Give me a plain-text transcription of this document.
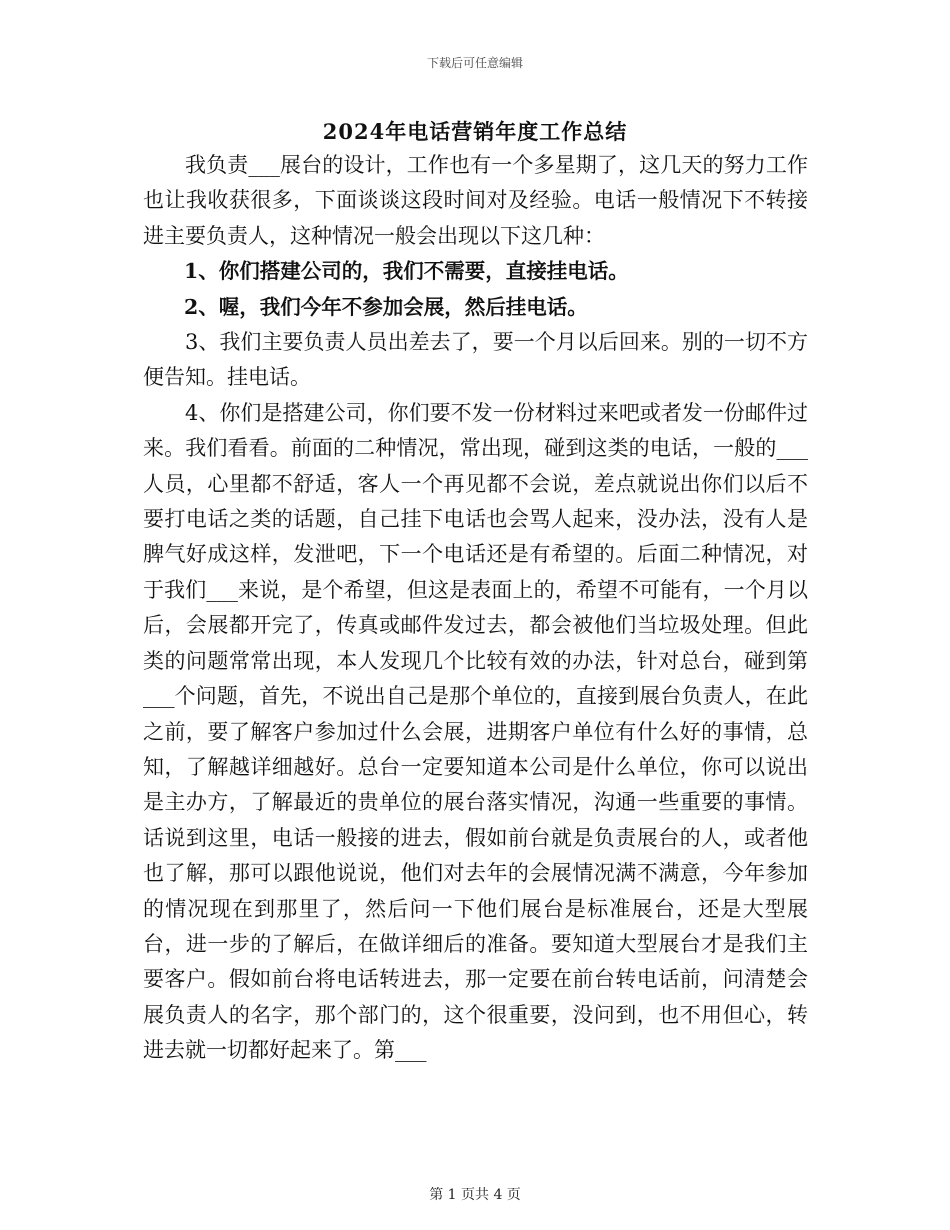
下载后可任意编辑
2024年电话营销年度工作总结

我负责___展台的设计，工作也有一个多星期了，这几天的努力工作也让我收获很多，下面谈谈这段时间对及经验。电话一般情况下不转接进主要负责人，这种情况一般会出现以下这几种：

1、你们搭建公司的，我们不需要，直接挂电话。

2、喔，我们今年不参加会展，然后挂电话。

3、我们主要负责人员出差去了，要一个月以后回来。别的一切不方便告知。挂电话。

4、你们是搭建公司，你们要不发一份材料过来吧或者发一份邮件过来。我们看看。前面的二种情况，常出现，碰到这类的电话，一般的___人员，心里都不舒适，客人一个再见都不会说，差点就说出你们以后不要打电话之类的话题，自己挂下电话也会骂人起来，没办法，没有人是脾气好成这样，发泄吧，下一个电话还是有希望的。后面二种情况，对于我们___来说，是个希望，但这是表面上的，希望不可能有，一个月以后，会展都开完了，传真或邮件发过去，都会被他们当垃圾处理。但此类的问题常常出现，本人发现几个比较有效的办法，针对总台，碰到第___个问题，首先，不说出自己是那个单位的，直接到展台负责人，在此之前，要了解客户参加过什么会展，进期客户单位有什么好的事情，总知，了解越详细越好。总台一定要知道本公司是什么单位，你可以说出是主办方，了解最近的贵单位的展台落实情况，沟通一些重要的事情。话说到这里，电话一般接的进去，假如前台就是负责展台的人，或者他也了解，那可以跟他说说，他们对去年的会展情况满不满意，今年参加的情况现在到那里了，然后问一下他们展台是标准展台，还是大型展台，进一步的了解后，在做详细后的准备。要知道大型展台才是我们主要客户。假如前台将电话转进去，那一定要在前台转电话前，问清楚会展负责人的名字，那个部门的，这个很重要，没问到，也不用但心，转进去就一切都好起来了。第___

第 1 页共 4 页
